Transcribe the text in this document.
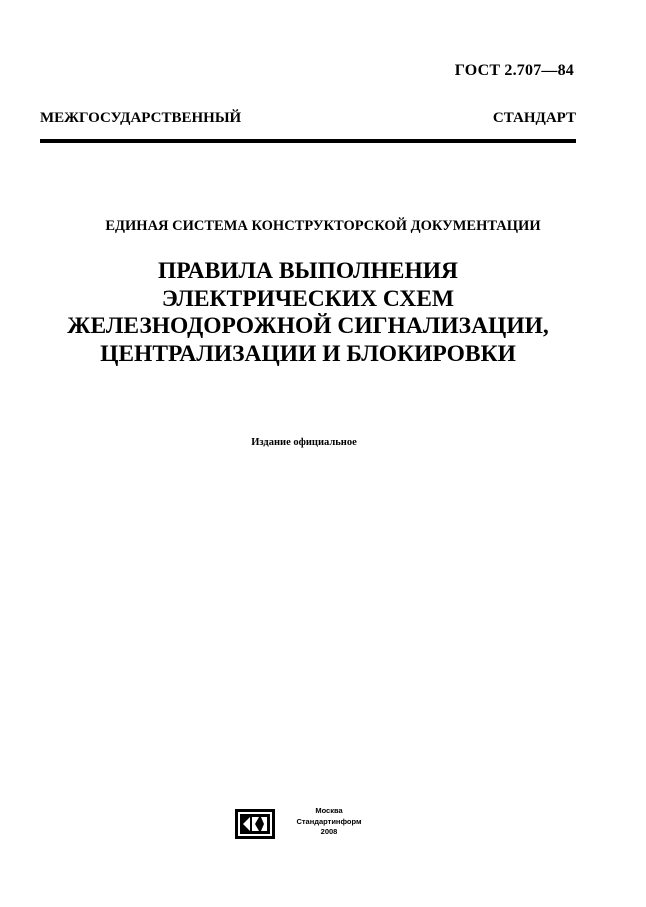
ГОСТ 2.707—84
МЕЖГОСУДАРСТВЕННЫЙ СТАНДАРТ
ЕДИНАЯ СИСТЕМА КОНСТРУКТОРСКОЙ ДОКУМЕНТАЦИИ
ПРАВИЛА ВЫПОЛНЕНИЯ
ЭЛЕКТРИЧЕСКИХ СХЕМ
ЖЕЛЕЗНОДОРОЖНОЙ СИГНАЛИЗАЦИИ,
ЦЕНТРАЛИЗАЦИИ И БЛОКИРОВКИ
Издание официальное
Москва
Стандартинформ
2008
